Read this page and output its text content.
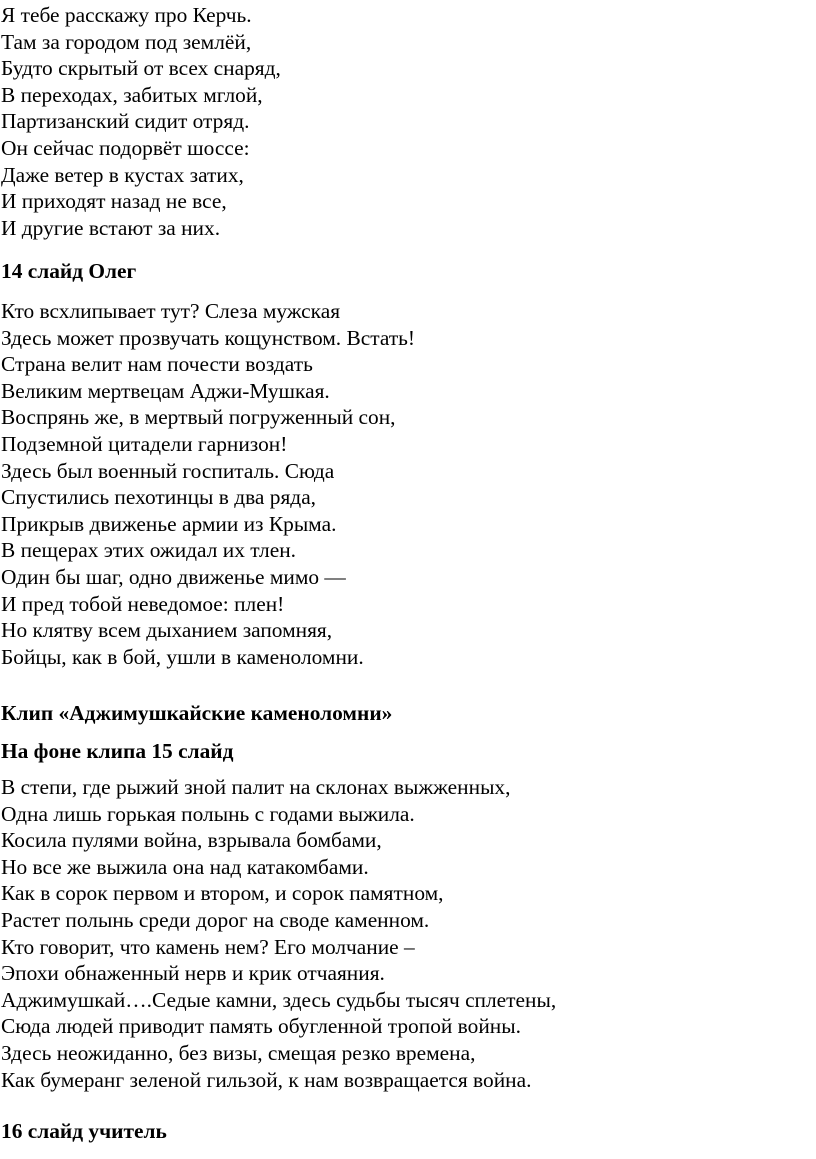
Я тебе расскажу про Керчь.
Там за городом под землёй,
Будто скрытый от всех снаряд,
В переходах, забитых мглой,
Партизанский сидит отряд.
Он сейчас подорвёт шоссе:
Даже ветер в кустах затих,
И приходят назад не все,
И другие встают за них.
14 слайд Олег
Кто всхлипывает тут? Слеза мужская
Здесь может прозвучать кощунством. Встать!
Страна велит нам почести воздать
Великим мертвецам Аджи-Мушкая.
Воспрянь же, в мертвый погруженный сон,
Подземной цитадели гарнизон!
Здесь был военный госпиталь. Сюда
Спустились пехотинцы в два ряда,
Прикрыв движенье армии из Крыма.
В пещерах этих ожидал их тлен.
Один бы шаг, одно движенье мимо —
И пред тобой неведомое: плен!
Но клятву всем дыханием запомняя,
Бойцы, как в бой, ушли в каменоломни.
Клип «Аджимушкайские каменоломни»
На фоне клипа 15 слайд
В степи, где рыжий зной палит на склонах выжженных,
Одна лишь горькая полынь с годами выжила.
Косила пулями война, взрывала бомбами,
Но все же выжила она над катакомбами.
Как в сорок первом и втором, и сорок памятном,
Растет полынь среди дорог на своде каменном.
Кто говорит, что камень нем? Его молчание –
Эпохи обнаженный нерв и крик отчаяния.
Аджимушкай….Седые камни, здесь судьбы тысяч сплетены,
Сюда людей приводит память обугленной тропой войны.
Здесь неожиданно, без визы, смещая резко времена,
Как бумеранг зеленой гильзой, к нам возвращается война.
16 слайд учитель
